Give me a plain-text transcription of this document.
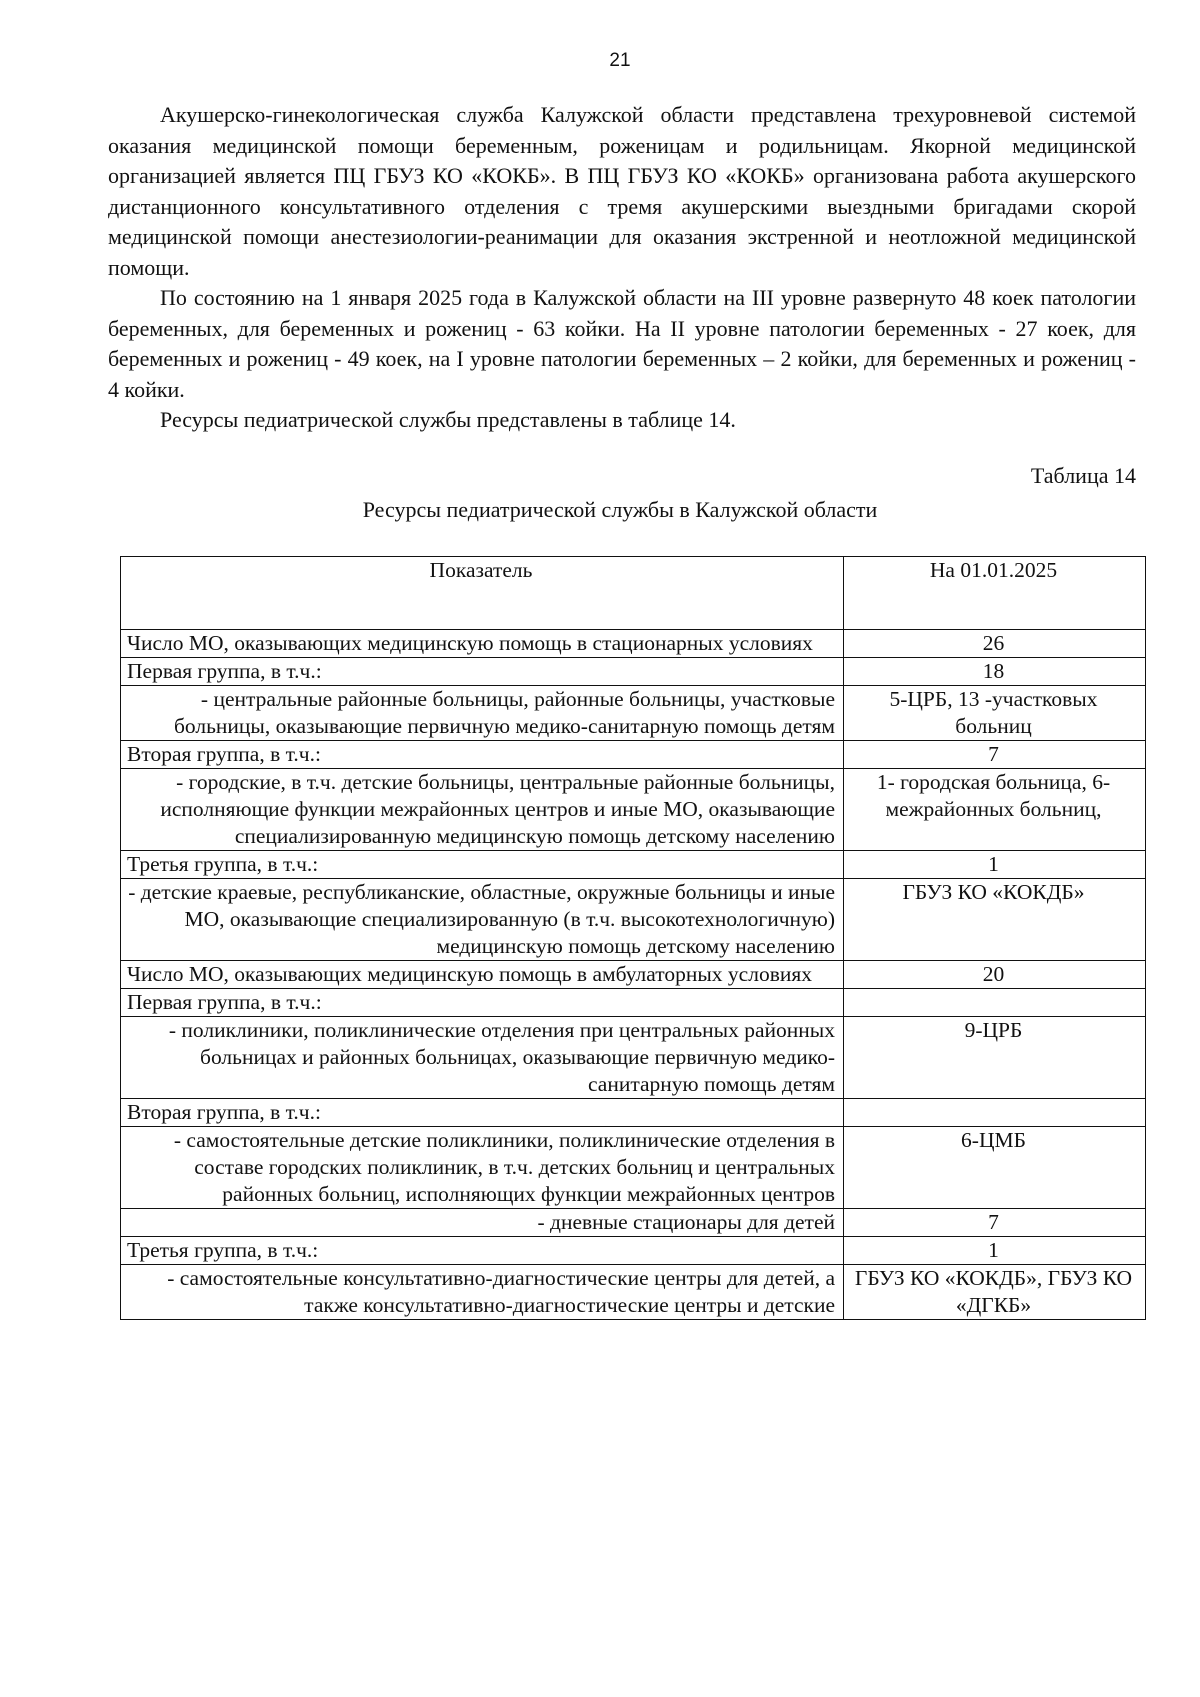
21

Акушерско-гинекологическая служба Калужской области представлена трехуровневой системой оказания медицинской помощи беременным, роженицам и родильницам. Якорной медицинской организацией является ПЦ ГБУЗ КО «КОКБ». В ПЦ ГБУЗ КО «КОКБ» организована работа акушерского дистанционного консультативного отделения с тремя акушерскими выездными бригадами скорой медицинской помощи анестезиологии-реанимации для оказания экстренной и неотложной медицинской помощи.

По состоянию на 1 января 2025 года в Калужской области на III уровне развернуто 48 коек патологии беременных, для беременных и рожениц - 63 койки. На II уровне патологии беременных - 27 коек, для беременных и рожениц - 49 коек, на I уровне патологии беременных – 2 койки, для беременных и рожениц - 4 койки.

Ресурсы педиатрической службы представлены в таблице 14.

Таблица 14
Ресурсы педиатрической службы в Калужской области
Показатель	На 01.01.2025
Число МО, оказывающих медицинскую помощь в стационарных условиях	26
Первая группа, в т.ч.:	18
- центральные районные больницы, районные больницы, участковые больницы, оказывающие первичную медико-санитарную помощь детям	5-ЦРБ, 13 -участковых больниц
Вторая группа, в т.ч.:	7
- городские, в т.ч. детские больницы, центральные районные больницы, исполняющие функции межрайонных центров и иные МО, оказывающие специализированную медицинскую помощь детскому населению	1- городская больница, 6- межрайонных больниц,
Третья группа, в т.ч.:	1
- детские краевые, республиканские, областные, окружные больницы и иные МО, оказывающие специализированную (в т.ч. высокотехнологичную) медицинскую помощь детскому населению	ГБУЗ КО «КОКДБ»
Число МО, оказывающих медицинскую помощь в амбулаторных условиях	20
Первая группа, в т.ч.:	
- поликлиники, поликлинические отделения при центральных районных больницах и районных больницах, оказывающие первичную медико-санитарную помощь детям	9-ЦРБ
Вторая группа, в т.ч.:	
- самостоятельные детские поликлиники, поликлинические отделения в составе городских поликлиник, в т.ч. детских больниц и центральных районных больниц, исполняющих функции межрайонных центров	6-ЦМБ
- дневные стационары для детей	7
Третья группа, в т.ч.:	1
- самостоятельные консультативно-диагностические центры для детей, а также консультативно-диагностические центры и детские	ГБУЗ КО «КОКДБ», ГБУЗ КО «ДГКБ»
